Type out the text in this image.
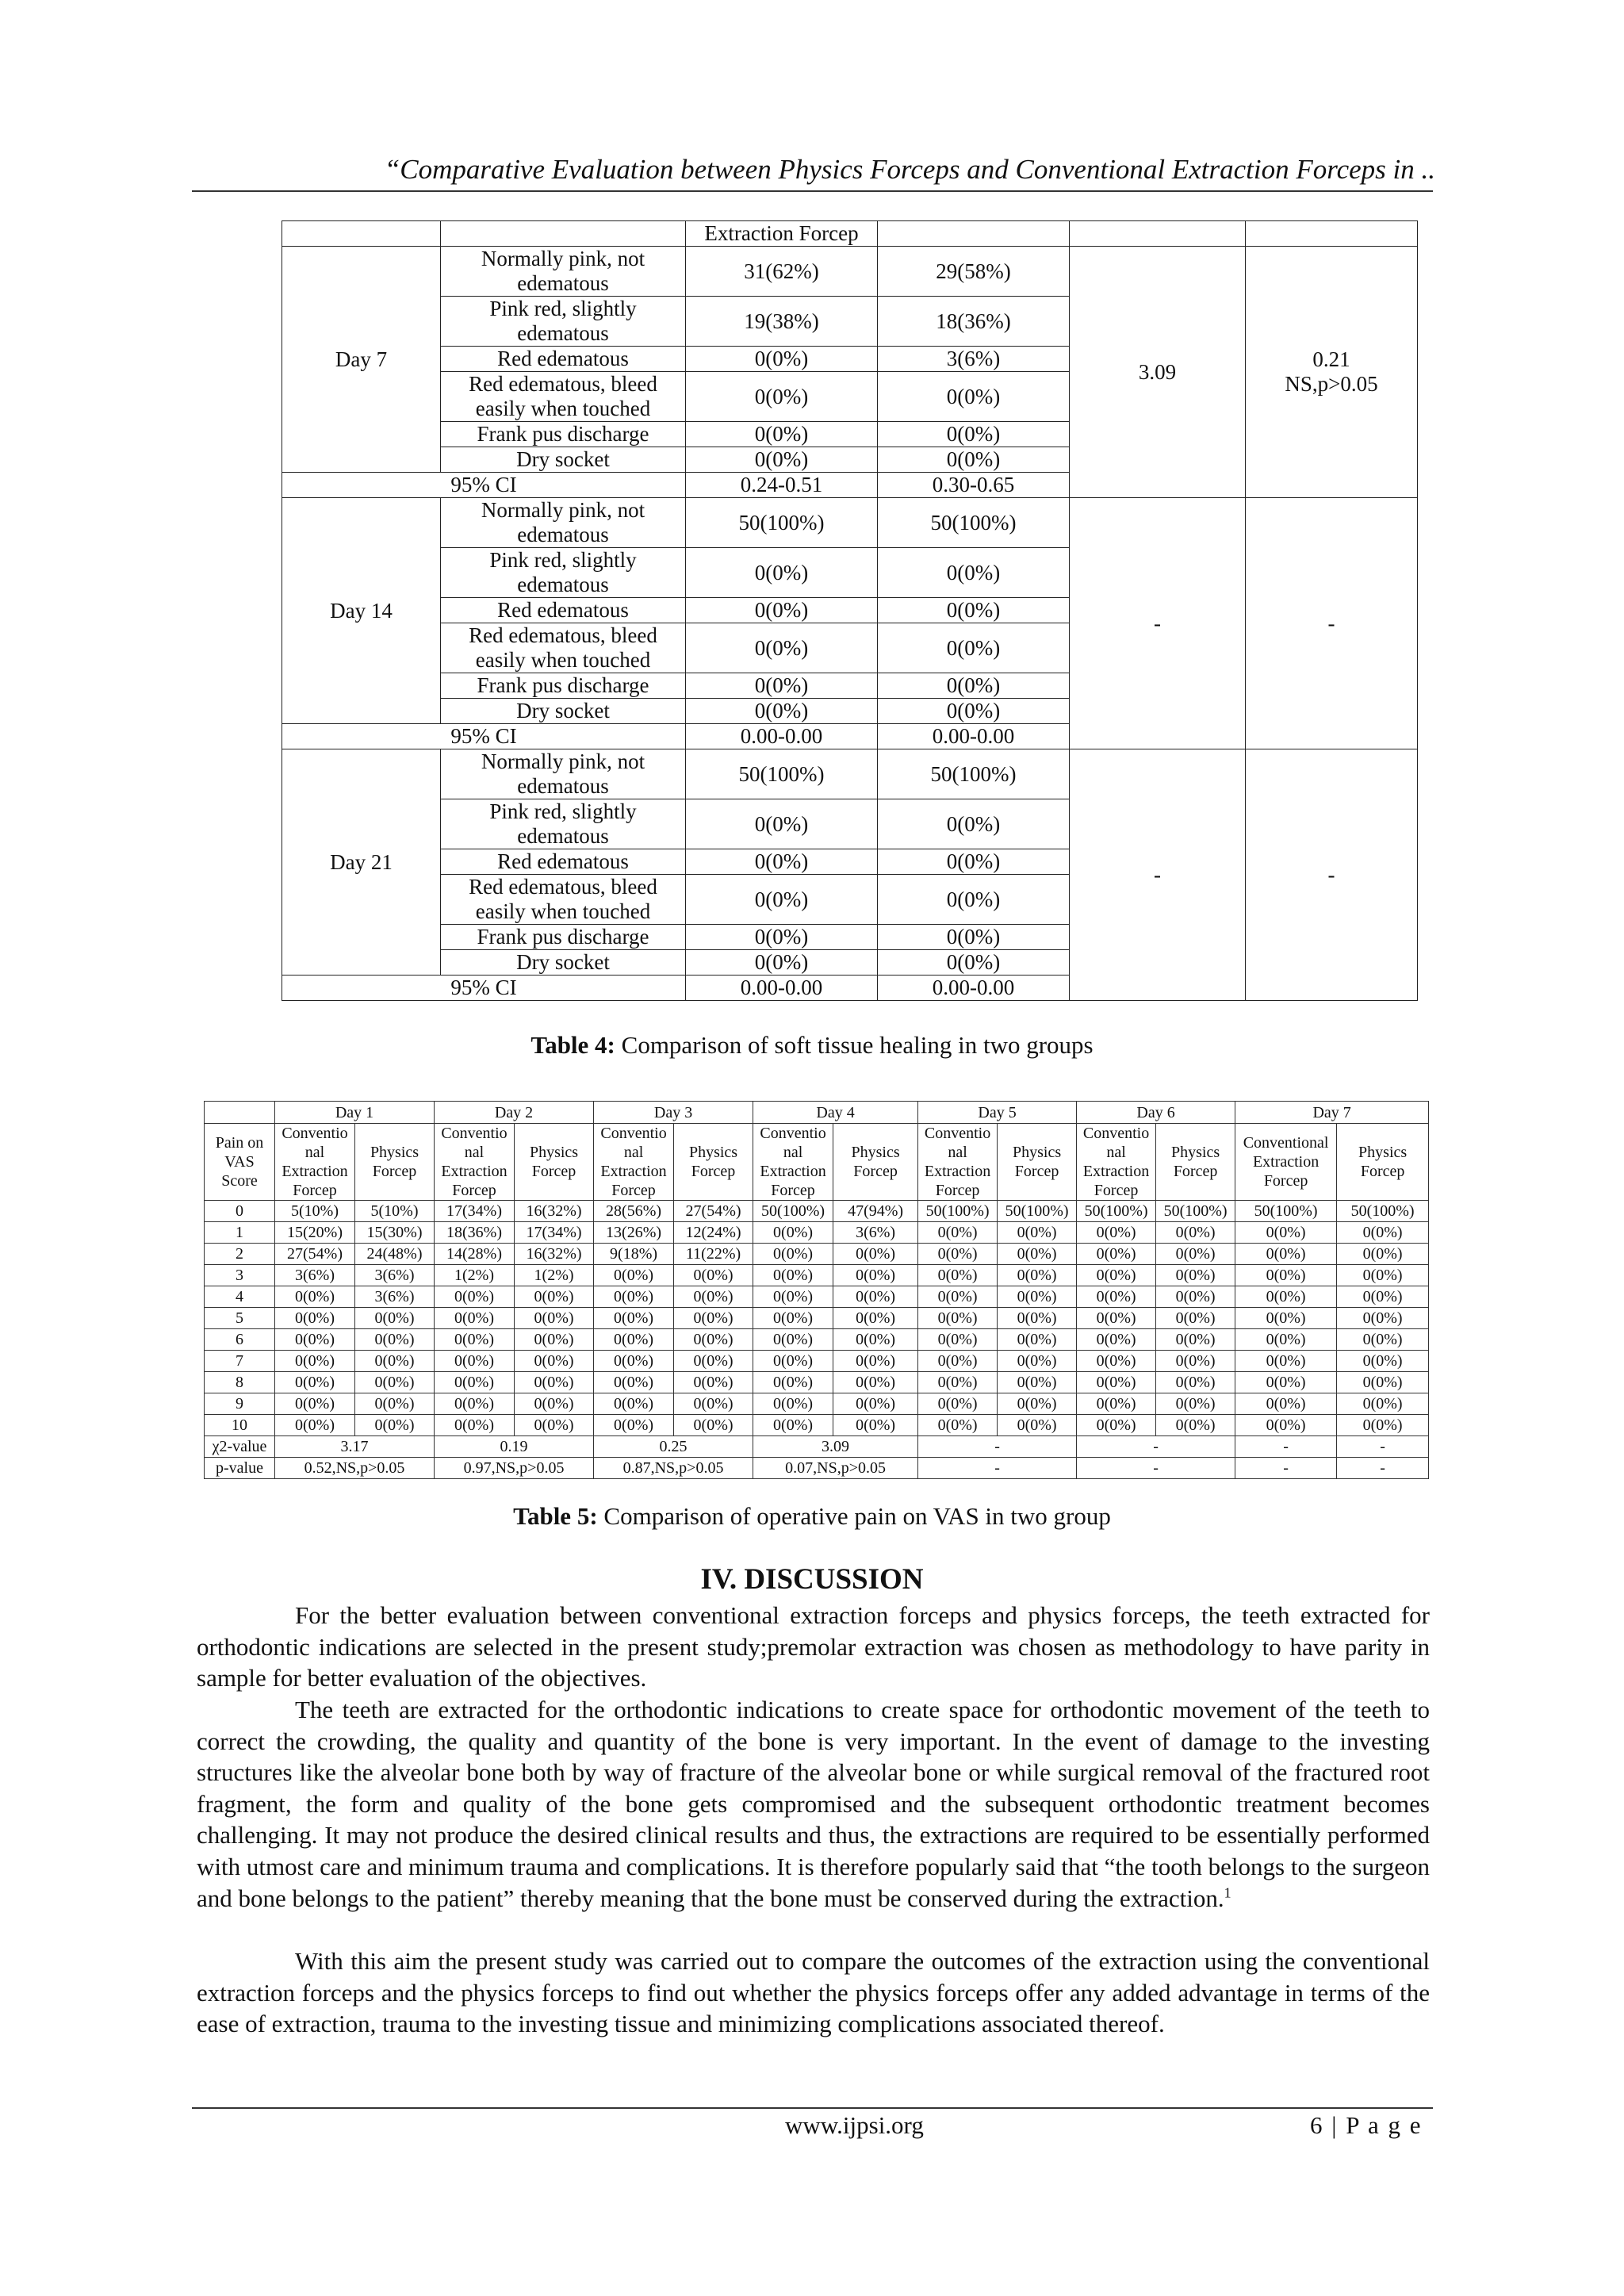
“Comparative Evaluation between Physics Forceps and Conventional Extraction Forceps in ..
		Extraction Forcep			
Day 7	Normally pink, not edematous	31(62%)	29(58%)	3.09	0.21
NS,p>0.05

	Pink red, slightly edematous	19(38%)	18(36%)		
	Red edematous	0(0%)	3(6%)		
	Red edematous, bleed easily when touched	0(0%)	0(0%)		
	Frank pus discharge	0(0%)	0(0%)		
	Dry socket	0(0%)	0(0%)		
95% CI		0.24-0.51	0.30-0.65		
Day 14	Normally pink, not edematous	50(100%)	50(100%)	-	-

	Pink red, slightly edematous	0(0%)	0(0%)		
	Red edematous	0(0%)	0(0%)		
	Red edematous, bleed easily when touched	0(0%)	0(0%)		
	Frank pus discharge	0(0%)	0(0%)		
	Dry socket	0(0%)	0(0%)		
95% CI		0.00-0.00	0.00-0.00		
Day 21	Normally pink, not edematous	50(100%)	50(100%)	-	-

	Pink red, slightly edematous	0(0%)	0(0%)		
	Red edematous	0(0%)	0(0%)		
	Red edematous, bleed easily when touched	0(0%)	0(0%)		
	Frank pus discharge	0(0%)	0(0%)		
	Dry socket	0(0%)	0(0%)		
95% CI		0.00-0.00	0.00-0.00		
Table 4: Comparison of soft tissue healing in two groups
	Day 1		Day 2		Day 3		Day 4		Day 5		Day 6		Day 7	
Pain on VAS Score	Conventio nal Extraction Forcep	Physics Forcep	Conventio nal Extraction Forcep	Physics Forcep	Conventio nal Extraction Forcep	Physics Forcep	Conventio nal Extraction Forcep	Physics Forcep	Conventio nal Extraction Forcep	Physics Forcep	Conventio nal Extraction Forcep	Physics Forcep	Conventional Extraction Forcep	Physics Forcep
0	5(10%)	5(10%)	17(34%)	16(32%)	28(56%)	27(54%)	50(100%)	47(94%)	50(100%)	50(100%)	50(100%)	50(100%)	50(100%)	50(100%)
1	15(20%)	15(30%)	18(36%)	17(34%)	13(26%)	12(24%)	0(0%)	3(6%)	0(0%)	0(0%)	0(0%)	0(0%)	0(0%)	0(0%)
2	27(54%)	24(48%)	14(28%)	16(32%)	9(18%)	11(22%)	0(0%)	0(0%)	0(0%)	0(0%)	0(0%)	0(0%)	0(0%)	0(0%)
3	3(6%)	3(6%)	1(2%)	1(2%)	0(0%)	0(0%)	0(0%)	0(0%)	0(0%)	0(0%)	0(0%)	0(0%)	0(0%)	0(0%)
4	0(0%)	3(6%)	0(0%)	0(0%)	0(0%)	0(0%)	0(0%)	0(0%)	0(0%)	0(0%)	0(0%)	0(0%)	0(0%)	0(0%)
5	0(0%)	0(0%)	0(0%)	0(0%)	0(0%)	0(0%)	0(0%)	0(0%)	0(0%)	0(0%)	0(0%)	0(0%)	0(0%)	0(0%)
6	0(0%)	0(0%)	0(0%)	0(0%)	0(0%)	0(0%)	0(0%)	0(0%)	0(0%)	0(0%)	0(0%)	0(0%)	0(0%)	0(0%)
7	0(0%)	0(0%)	0(0%)	0(0%)	0(0%)	0(0%)	0(0%)	0(0%)	0(0%)	0(0%)	0(0%)	0(0%)	0(0%)	0(0%)
8	0(0%)	0(0%)	0(0%)	0(0%)	0(0%)	0(0%)	0(0%)	0(0%)	0(0%)	0(0%)	0(0%)	0(0%)	0(0%)	0(0%)
9	0(0%)	0(0%)	0(0%)	0(0%)	0(0%)	0(0%)	0(0%)	0(0%)	0(0%)	0(0%)	0(0%)	0(0%)	0(0%)	0(0%)
10	0(0%)	0(0%)	0(0%)	0(0%)	0(0%)	0(0%)	0(0%)	0(0%)	0(0%)	0(0%)	0(0%)	0(0%)	0(0%)	0(0%)
χ2-value	3.17		0.19		0.25		3.09		-		-		-	-
p-value	0.52,NS,p>0.05		0.97,NS,p>0.05		0.87,NS,p>0.05		0.07,NS,p>0.05		-		-		-	-
Table 5: Comparison of operative pain on VAS in two group
IV. DISCUSSION
For the better evaluation between conventional extraction forceps and physics forceps, the teeth extracted for orthodontic indications are selected in the present study;premolar extraction was chosen as methodology to have parity in sample for better evaluation of the objectives.
The teeth are extracted for the orthodontic indications to create space for orthodontic movement of the teeth to correct the crowding, the quality and quantity of the bone is very important. In the event of damage to the investing structures like the alveolar bone both by way of fracture of the alveolar bone or while surgical removal of the fractured root fragment, the form and quality of the bone gets compromised and the subsequent orthodontic treatment becomes challenging. It may not produce the desired clinical results and thus, the extractions are required to be essentially performed with utmost care and minimum trauma and complications. It is therefore popularly said that “the tooth belongs to the surgeon and bone belongs to the patient” thereby meaning that the bone must be conserved during the extraction.$^1$
With this aim the present study was carried out to compare the outcomes of the extraction using the conventional extraction forceps and the physics forceps to find out whether the physics forceps offer any added advantage in terms of the ease of extraction, trauma to the investing tissue and minimizing complications associated thereof.
www.ijpsi.org	6 | P a g e
